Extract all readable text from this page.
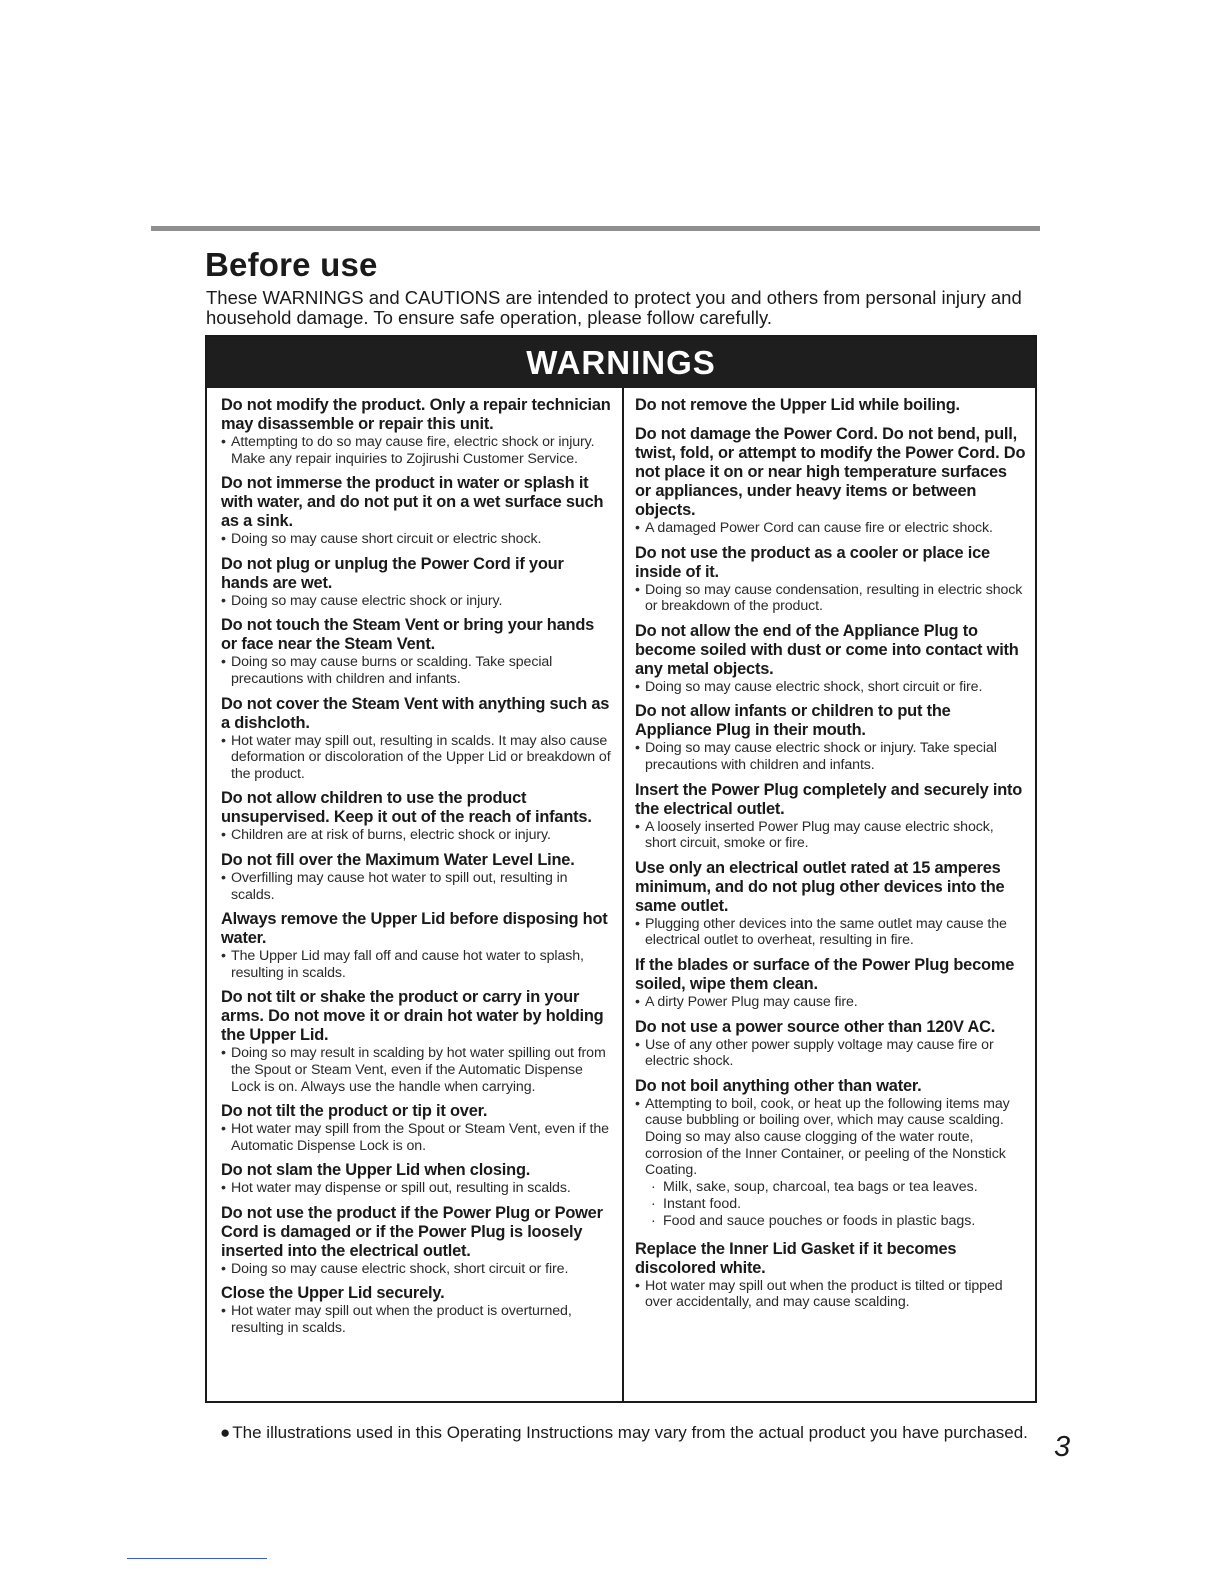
Before use
These WARNINGS and CAUTIONS are intended to protect you and others from personal injury and household damage. To ensure safe operation, please follow carefully.
WARNINGS
Do not modify the product. Only a repair technician may disassemble or repair this unit.
• Attempting to do so may cause fire, electric shock or injury. Make any repair inquiries to Zojirushi Customer Service.
Do not immerse the product in water or splash it with water, and do not put it on a wet surface such as a sink.
• Doing so may cause short circuit or electric shock.
Do not plug or unplug the Power Cord if your hands are wet.
• Doing so may cause electric shock or injury.
Do not touch the Steam Vent or bring your hands or face near the Steam Vent.
• Doing so may cause burns or scalding. Take special precautions with children and infants.
Do not cover the Steam Vent with anything such as a dishcloth.
• Hot water may spill out, resulting in scalds. It may also cause deformation or discoloration of the Upper Lid or breakdown of the product.
Do not allow children to use the product unsupervised. Keep it out of the reach of infants.
• Children are at risk of burns, electric shock or injury.
Do not fill over the Maximum Water Level Line.
• Overfilling may cause hot water to spill out, resulting in scalds.
Always remove the Upper Lid before disposing hot water.
• The Upper Lid may fall off and cause hot water to splash, resulting in scalds.
Do not tilt or shake the product or carry in your arms. Do not move it or drain hot water by holding the Upper Lid.
• Doing so may result in scalding by hot water spilling out from the Spout or Steam Vent, even if the Automatic Dispense Lock is on. Always use the handle when carrying.
Do not tilt the product or tip it over.
• Hot water may spill from the Spout or Steam Vent, even if the Automatic Dispense Lock is on.
Do not slam the Upper Lid when closing.
• Hot water may dispense or spill out, resulting in scalds.
Do not use the product if the Power Plug or Power Cord is damaged or if the Power Plug is loosely inserted into the electrical outlet.
• Doing so may cause electric shock, short circuit or fire.
Close the Upper Lid securely.
• Hot water may spill out when the product is overturned, resulting in scalds.
Do not remove the Upper Lid while boiling.
Do not damage the Power Cord. Do not bend, pull, twist, fold, or attempt to modify the Power Cord. Do not place it on or near high temperature surfaces or appliances, under heavy items or between objects.
• A damaged Power Cord can cause fire or electric shock.
Do not use the product as a cooler or place ice inside of it.
• Doing so may cause condensation, resulting in electric shock or breakdown of the product.
Do not allow the end of the Appliance Plug to become soiled with dust or come into contact with any metal objects.
• Doing so may cause electric shock, short circuit or fire.
Do not allow infants or children to put the Appliance Plug in their mouth.
• Doing so may cause electric shock or injury. Take special precautions with children and infants.
Insert the Power Plug completely and securely into the electrical outlet.
• A loosely inserted Power Plug may cause electric shock, short circuit, smoke or fire.
Use only an electrical outlet rated at 15 amperes minimum, and do not plug other devices into the same outlet.
• Plugging other devices into the same outlet may cause the electrical outlet to overheat, resulting in fire.
If the blades or surface of the Power Plug become soiled, wipe them clean.
• A dirty Power Plug may cause fire.
Do not use a power source other than 120V AC.
• Use of any other power supply voltage may cause fire or electric shock.
Do not boil anything other than water.
• Attempting to boil, cook, or heat up the following items may cause bubbling or boiling over, which may cause scalding. Doing so may also cause clogging of the water route, corrosion of the Inner Container, or peeling of the Nonstick Coating.
· Milk, sake, soup, charcoal, tea bags or tea leaves.
· Instant food.
· Food and sauce pouches or foods in plastic bags.
Replace the Inner Lid Gasket if it becomes discolored white.
• Hot water may spill out when the product is tilted or tipped over accidentally, and may cause scalding.
● The illustrations used in this Operating Instructions may vary from the actual product you have purchased. 3
